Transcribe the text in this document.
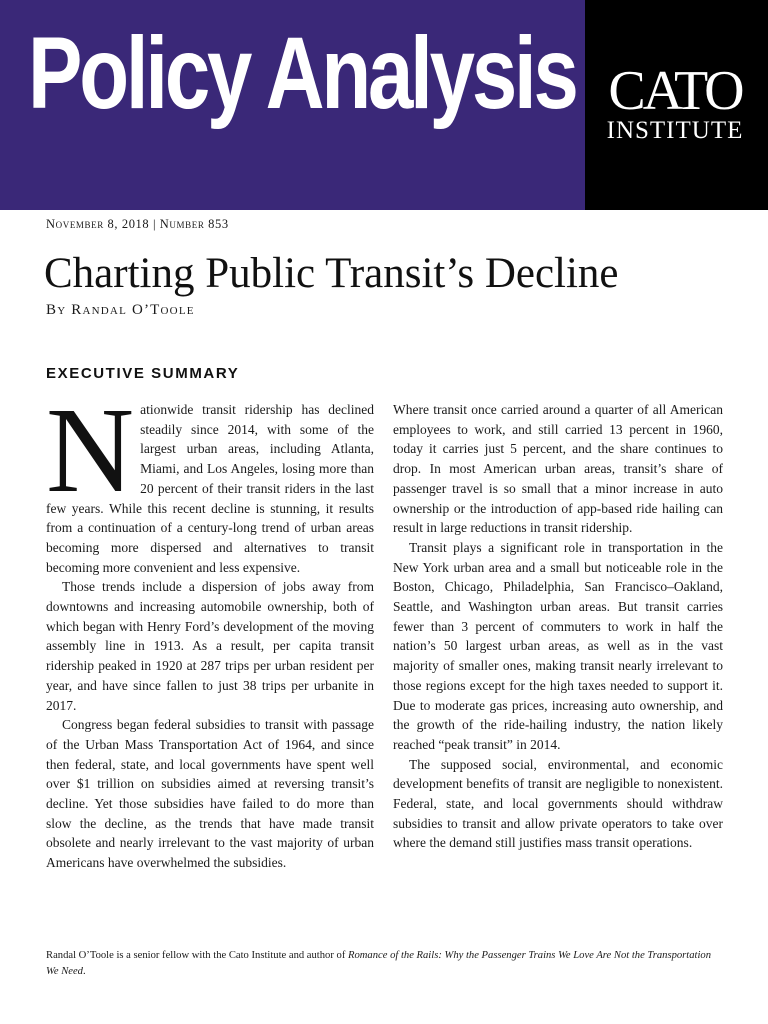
Policy Analysis CATO
INSTITUTE
November 8, 2018 | Number 853
Charting Public Transit’s Decline
By Randal O’Toole
EXECUTIVE SUMMARY

Nationwide transit ridership has declined steadily since 2014, with some of the largest urban areas, including Atlanta, Miami, and Los Angeles, losing more than 20 percent of their transit riders in the last few years. While this recent decline is stunning, it results from a continuation of a century-long trend of urban areas becoming more dispersed and alternatives to transit becoming more convenient and less expensive.

Those trends include a dispersion of jobs away from downtowns and increasing automobile ownership, both of which began with Henry Ford’s development of the moving assembly line in 1913. As a result, per capita transit ridership peaked in 1920 at 287 trips per urban resident per year, and have since fallen to just 38 trips per urbanite in 2017.

Congress began federal subsidies to transit with passage of the Urban Mass Transportation Act of 1964, and since then federal, state, and local governments have spent well over $1 trillion on subsidies aimed at reversing transit’s decline. Yet those subsidies have failed to do more than slow the decline, as the trends that have made transit obsolete and nearly irrelevant to the vast majority of urban Americans have overwhelmed the subsidies.

Where transit once carried around a quarter of all American employees to work, and still carried 13 percent in 1960, today it carries just 5 percent, and the share continues to drop. In most American urban areas, transit’s share of passenger travel is so small that a minor increase in auto ownership or the introduction of app-based ride hailing can result in large reductions in transit ridership.

Transit plays a significant role in transportation in the New York urban area and a small but noticeable role in the Boston, Chicago, Philadelphia, San Francisco–Oakland, Seattle, and Washington urban areas. But transit carries fewer than 3 percent of commuters to work in half the nation’s 50 largest urban areas, as well as in the vast majority of smaller ones, making transit nearly irrelevant to those regions except for the high taxes needed to support it. Due to moderate gas prices, increasing auto ownership, and the growth of the ride-hailing industry, the nation likely reached “peak transit” in 2014.

The supposed social, environmental, and economic development benefits of transit are negligible to nonexistent. Federal, state, and local governments should withdraw subsidies to transit and allow private operators to take over where the demand still justifies mass transit operations.

Randal O’Toole is a senior fellow with the Cato Institute and author of Romance of the Rails: Why the Passenger Trains We Love Are Not the Transportation We Need.
